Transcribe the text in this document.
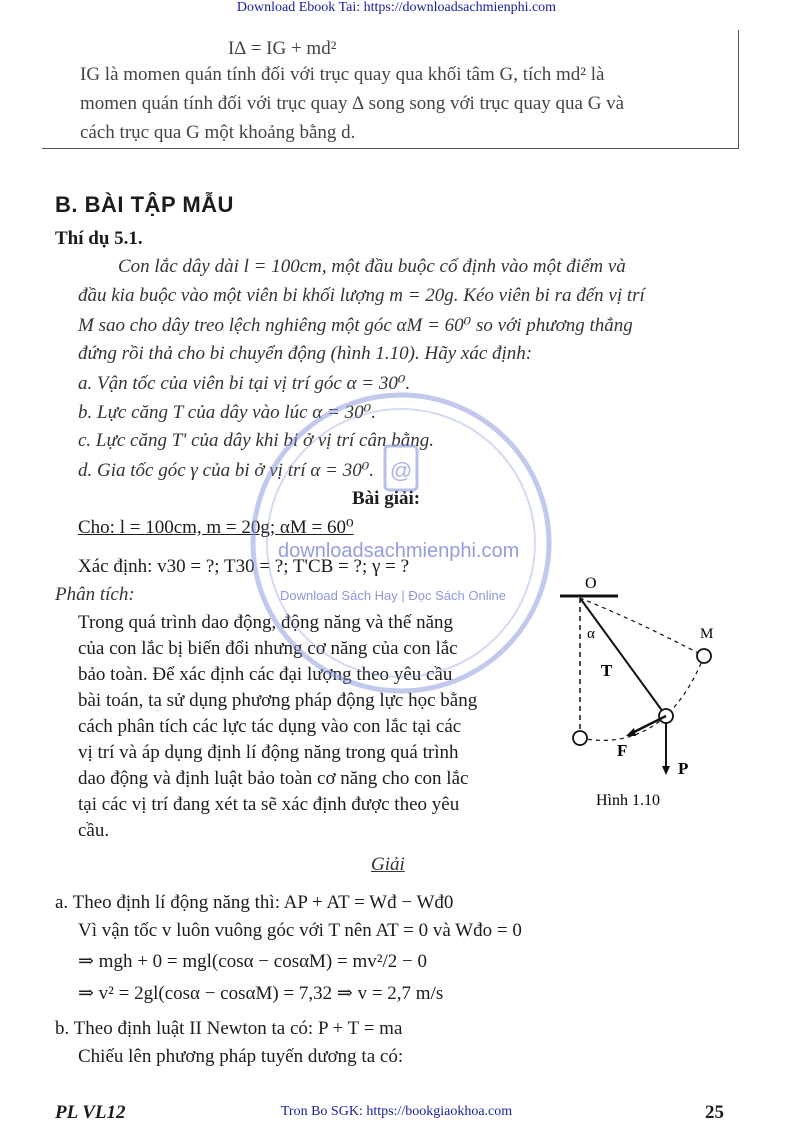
Download Ebook Tai: https://downloadsachmienphi.com
I∆ = IG + md²
IG là momen quán tính đối với trục quay qua khối tâm G, tích md² là
momen quán tính đối với trục quay ∆ song song với trục quay qua G và
cách trục qua G một khoảng bằng d.
B. BÀI TẬP MẪU
Thí dụ 5.1.
Con lắc dây dài l = 100cm, một đầu buộc cố định vào một điểm và
đầu kia buộc vào một viên bi khối lượng m = 20g. Kéo viên bi ra đến vị trí
M sao cho dây treo lệch nghiêng một góc αM = 60⁰ so với phương thẳng
đứng rồi thả cho bi chuyển động (hình 1.10). Hãy xác định:
a. Vận tốc của viên bi tại vị trí góc α = 30⁰.
b. Lực căng T của dây vào lúc α = 30⁰.
c. Lực căng T' của dây khi bi ở vị trí cân bằng.
d. Gia tốc góc γ của bi ở vị trí α = 30⁰.
Bài giải:
Cho: l = 100cm, m = 20g; αM = 60⁰
Xác định: v30 = ?; T30 = ?; T'CB = ?; γ = ?
Phân tích:
Trong quá trình dao động, động năng và thế năng
của con lắc bị biến đổi nhưng cơ năng của con lắc
bảo toàn. Để xác định các đại lượng theo yêu cầu
bài toán, ta sử dụng phương pháp động lực học bằng
cách phân tích các lực tác dụng vào con lắc tại các
vị trí và áp dụng định lí động năng trong quá trình
dao động và định luật bảo toàn cơ năng cho con lắc
tại các vị trí đang xét ta sẽ xác định được theo yêu
cầu.
O
α	M
T
F
P
Hình 1.10
Giải
a. Theo định lí động năng thì: AP + AT = Wđ − Wđ0
Vì vận tốc v luôn vuông góc với T nên AT = 0 và Wđo = 0
⇒ mgh + 0 = mgl(cosα − cosαM) = mv²/2 − 0
⇒ v² = 2gl(cosα − cosαM) = 7,32 ⇒ v = 2,7 m/s
b. Theo định luật II Newton ta có: P + T = ma
Chiếu lên phương pháp tuyến dương ta có:
PL VL12	Tron Bo SGK: https://bookgiaokhoa.com	25
@
downloadsachmienphi.com
Download Sách Hay | Đọc Sách Online
